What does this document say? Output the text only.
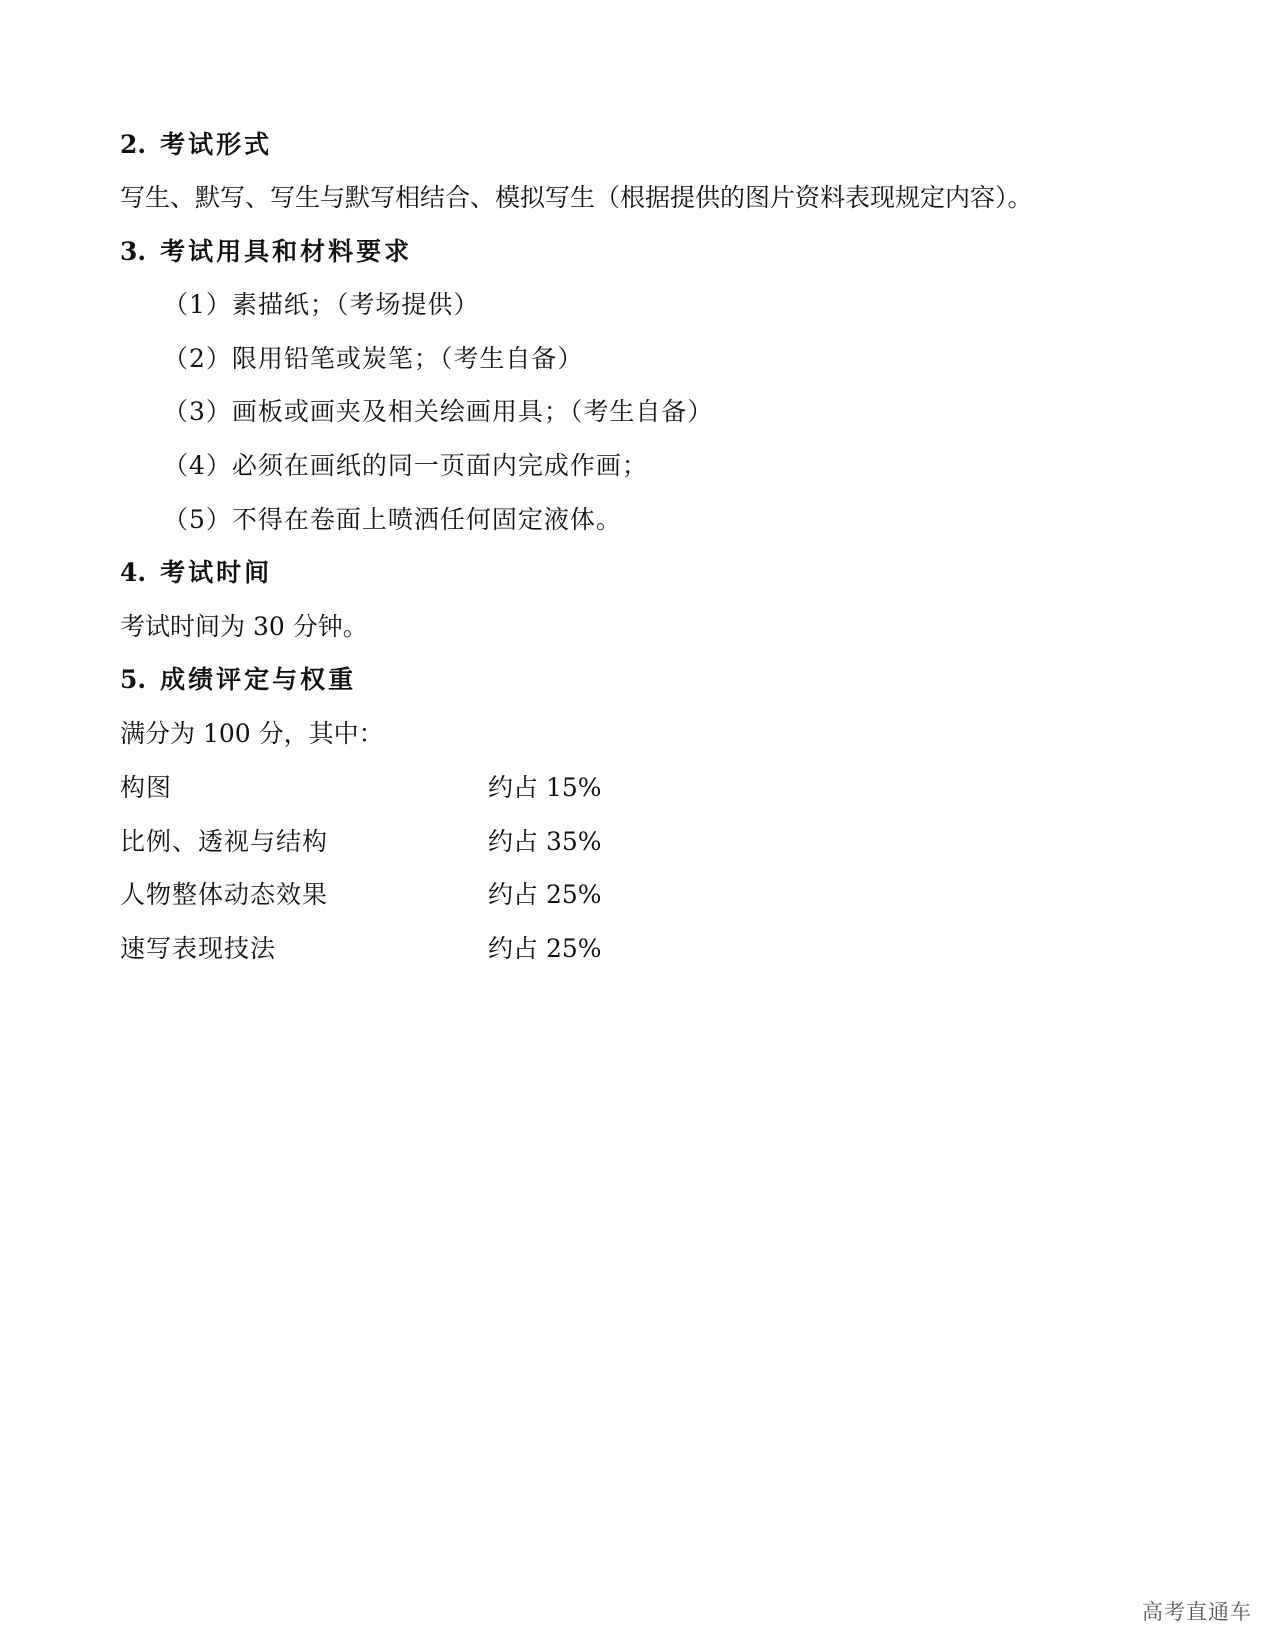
2. 考试形式
写生、默写、写生与默写相结合、模拟写生（根据提供的图片资料表现规定内容）。
3. 考试用具和材料要求
（1）素描纸；（考场提供）
（2）限用铅笔或炭笔；（考生自备）
（3）画板或画夹及相关绘画用具；（考生自备）
（4）必须在画纸的同一页面内完成作画；
（5）不得在卷面上喷洒任何固定液体。
4. 考试时间
考试时间为 30 分钟。
5. 成绩评定与权重
满分为 100 分，其中：
构图	约占 15%
比例、透视与结构	约占 35%
人物整体动态效果	约占 25%
速写表现技法	约占 25%
高考直通车
